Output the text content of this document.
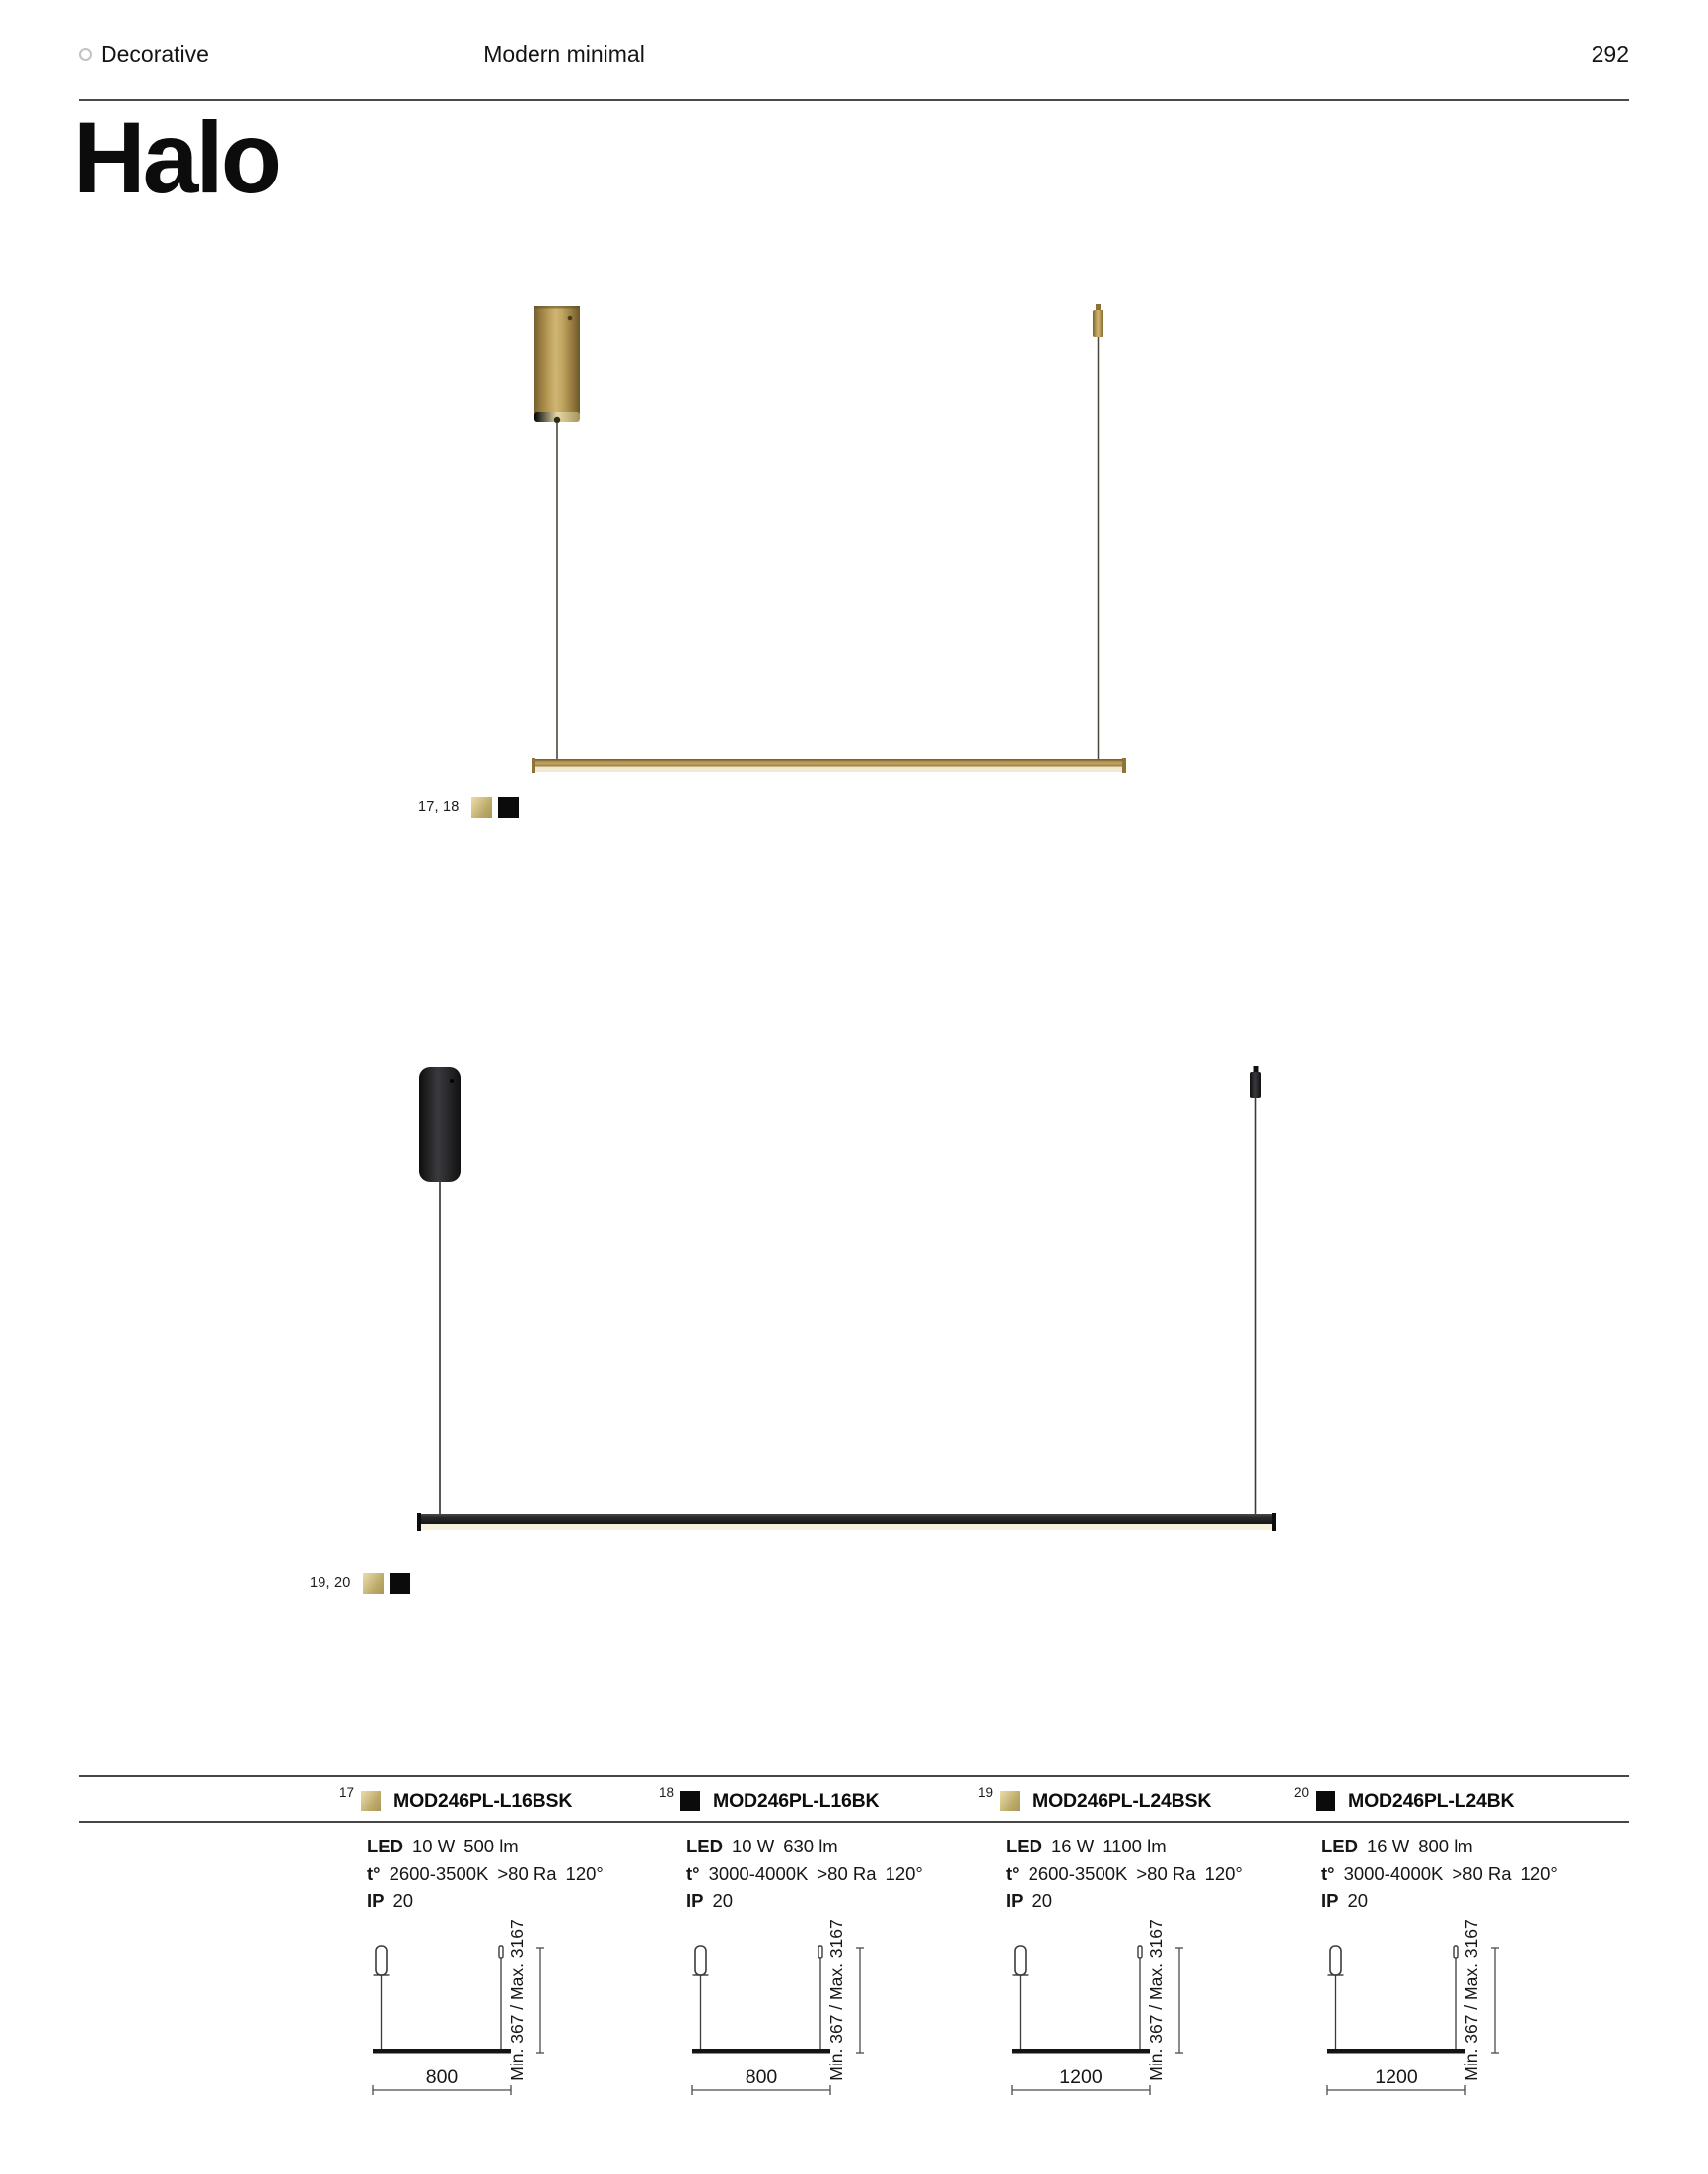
Decorative	Modern minimal	292
Halo
17, 18
19, 20
17 MOD246PL-L16BSK
LED 10 W 500 lm
t° 2600-3500K >80 Ra 120°
IP 20
800	Min. 367 / Max. 3167
18 MOD246PL-L16BK
LED 10 W 630 lm
t° 3000-4000K >80 Ra 120°
IP 20
800	Min. 367 / Max. 3167
19 MOD246PL-L24BSK
LED 16 W 1100 lm
t° 2600-3500K >80 Ra 120°
IP 20
1200	Min. 367 / Max. 3167
20 MOD246PL-L24BK
LED 16 W 800 lm
t° 3000-4000K >80 Ra 120°
IP 20
1200	Min. 367 / Max. 3167
